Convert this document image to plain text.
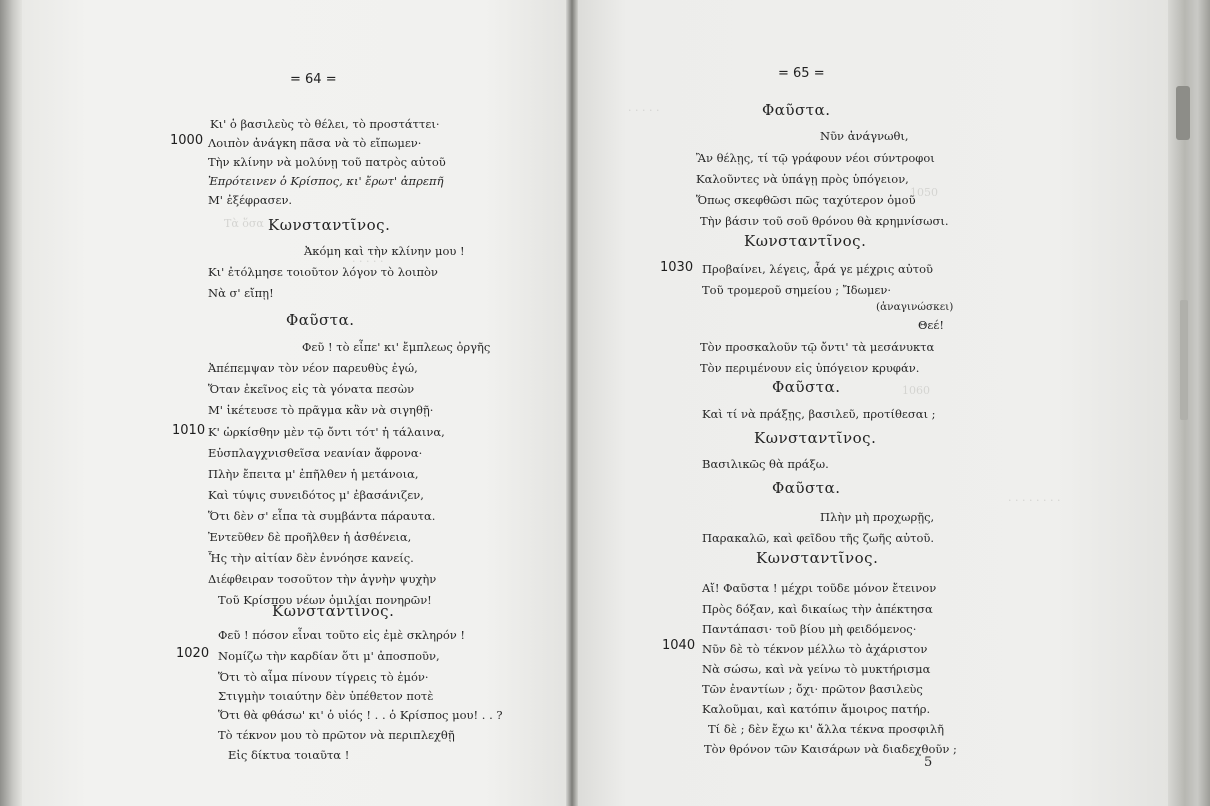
Τὰ ὅσα
· · · · ·
= 64 =
Κι' ὁ βασιλεὺς τὸ θέλει, τὸ προστάττει·
1000 Λοιπὸν ἀνάγκη πᾶσα νὰ τὸ εἴπωμεν·
Τὴν κλίνην νὰ μολύνῃ τοῦ πατρὸς αὐτοῦ
Ἐπρότεινεν ὁ Κρίσπος, κι' ἔρωτ' ἀπρεπῆ
Μ' ἐξέφρασεν.
Κωνσταντῖνος.
Ἀκόμη καὶ τὴν κλίνην μου !
Κι' ἐτόλμησε τοιοῦτον λόγον τὸ λοιπὸν
Νὰ σ' εἴπῃ!
Φαῦστα.
Φεῦ ! τὸ εἶπε' κι' ἔμπλεως ὀργῆς
Ἀπέπεμψαν τὸν νέον παρευθὺς ἐγώ,
Ὅταν ἐκεῖνος εἰς τὰ γόνατα πεσὼν
Μ' ἱκέτευσε τὸ πρᾶγμα κἂν νὰ σιγηθῇ·
1010 Κ' ὡρκίσθην μὲν τῷ ὄντι τότ' ἡ τάλαινα,
Εὐσπλαγχνισθεῖσα νεανίαν ἄφρονα·
Πλὴν ἔπειτα μ' ἐπῆλθεν ἡ μετάνοια,
Καὶ τύψις συνειδότος μ' ἐβασάνιζεν,
Ὅτι δὲν σ' εἶπα τὰ συμβάντα πάραυτα.
Ἐντεῦθεν δὲ προῆλθεν ἡ ἀσθένεια,
Ἧς τὴν αἰτίαν δὲν ἐννόησε κανείς.
Διέφθειραν τοσοῦτον τὴν ἁγνὴν ψυχὴν
Τοῦ Κρίσπου νέων ὁμιλίαι πονηρῶν!
Κωνσταντῖνος.
Φεῦ ! πόσον εἶναι τοῦτο εἰς ἐμὲ σκληρόν !
1020 Νομίζω τὴν καρδίαν ὅτι μ' ἀποσποῦν,
Ὅτι τὸ αἷμα πίνουν τίγρεις τὸ ἐμόν·
Στιγμὴν τοιαύτην δὲν ὑπέθετον ποτὲ
Ὅτι θὰ φθάσω' κι' ὁ υἱός ! . . ὁ Κρίσπος μου! . . ?
Τὸ τέκνον μου τὸ πρῶτον νὰ περιπλεχθῇ
Εἰς δίκτυα τοιαῦτα !
· · · · ·
1050
1060
· · · · · · · ·
= 65 =
Φαῦστα.
Νῦν ἀνάγνωθι,
Ἂν θέλῃς, τί τῷ γράφουν νέοι σύντροφοι
Καλοῦντες νὰ ὑπάγῃ πρὸς ὑπόγειον,
Ὅπως σκεφθῶσι πῶς ταχύτερον ὁμοῦ
Τὴν βάσιν τοῦ σοῦ θρόνου θὰ κρημνίσωσι.
Κωνσταντῖνος.
1030 Προβαίνει, λέγεις, ἆρά γε μέχρις αὐτοῦ
Τοῦ τρομεροῦ σημείου ; Ἴδωμεν·
(ἀναγινώσκει)
Θεέ!
Τὸν προσκαλοῦν τῷ ὄντι' τὰ μεσάνυκτα
Τὸν περιμένουν εἰς ὑπόγειον κρυφάν.
Φαῦστα.
Καὶ τί νὰ πράξῃς, βασιλεῦ, προτίθεσαι ;
Κωνσταντῖνος.
Βασιλικῶς θὰ πράξω.
Φαῦστα.
Πλὴν μὴ προχωρῇς,
Παρακαλῶ, καὶ φεῖδου τῆς ζωῆς αὐτοῦ.
Κωνσταντῖνος.
Αἴ! Φαῦστα ! μέχρι τοῦδε μόνον ἔτεινον
Πρὸς δόξαν, καὶ δικαίως τὴν ἀπέκτησα
Παντάπασι· τοῦ βίου μὴ φειδόμενος·
1040 Νῦν δὲ τὸ τέκνον μέλλω τὸ ἀχάριστον
Νὰ σώσω, καὶ νὰ γείνω τὸ μυκτήρισμα
Τῶν ἐναντίων ; ὄχι· πρῶτον βασιλεὺς
Καλοῦμαι, καὶ κατόπιν ἄμοιρος πατήρ.
Τί δὲ ; δὲν ἔχω κι' ἄλλα τέκνα προσφιλῆ
Τὸν θρόνον τῶν Καισάρων νὰ διαδεχθοῦν ;
5
